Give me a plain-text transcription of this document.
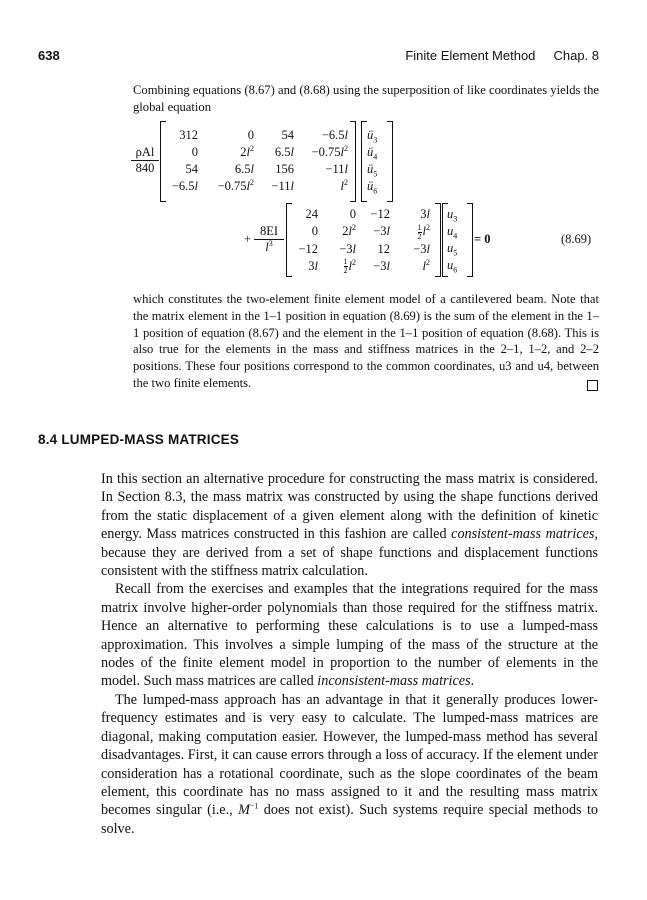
638	Finite Element Method     Chap. 8
Combining equations (8.67) and (8.68) using the superposition of like coordinates yields the global equation
ρAl
840
312	0	54	−6.5l
0	$2l^2$	6.5l	$-0.75l^2$
54	6.5l	156	−11l
−6.5l	$-0.75l^2$	−11l	$l^2$
$ü_3$
$ü_4$
$ü_5$
$ü_6$
+ $\frac{8EI}{l^3}$
24	0	−12	3l
0	$2l^2$	−3l	$\frac{1}{2} l^2$
−12	−3l	12	−3l
3l	$\frac{1}{2} l^2$	−3l	$l^2$
$u_3$
$u_4$
$u_5$
$u_6$
= 0	(8.69)
which constitutes the two-element finite element model of a cantilevered beam. Note that the matrix element in the 1–1 position in equation (8.69) is the sum of the element in the 1–1 position of equation (8.67) and the element in the 1–1 position of equation (8.68). This is also true for the elements in the mass and stiffness matrices in the 2–1, 1–2, and 2–2 positions. These four positions correspond to the common coordinates, u3 and u4, between the two finite elements.
8.4 LUMPED-MASS MATRICES

In this section an alternative procedure for constructing the mass matrix is considered. In Section 8.3, the mass matrix was constructed by using the shape functions derived from the static displacement of a given element along with the definition of kinetic energy. Mass matrices constructed in this fashion are called consistent-mass matrices, because they are derived from a set of shape functions and displacement functions consistent with the stiffness matrix calculation.

Recall from the exercises and examples that the integrations required for the mass matrix involve higher-order polynomials than those required for the stiffness matrix. Hence an alternative to performing these calculations is to use a lumped-mass approximation. This involves a simple lumping of the mass of the structure at the nodes of the finite element model in proportion to the number of elements in the model. Such mass matrices are called inconsistent-mass matrices.

The lumped-mass approach has an advantage in that it generally produces lower-frequency estimates and is very easy to calculate. The lumped-mass matrices are diagonal, making computation easier. However, the lumped-mass method has several disadvantages. First, it can cause errors through a loss of accuracy. If the element under consideration has a rotational coordinate, such as the slope coordinates of the beam element, this coordinate has no mass assigned to it and the resulting mass matrix becomes singular (i.e., $M^{-1}$ does not exist). Such systems require special methods to solve.
